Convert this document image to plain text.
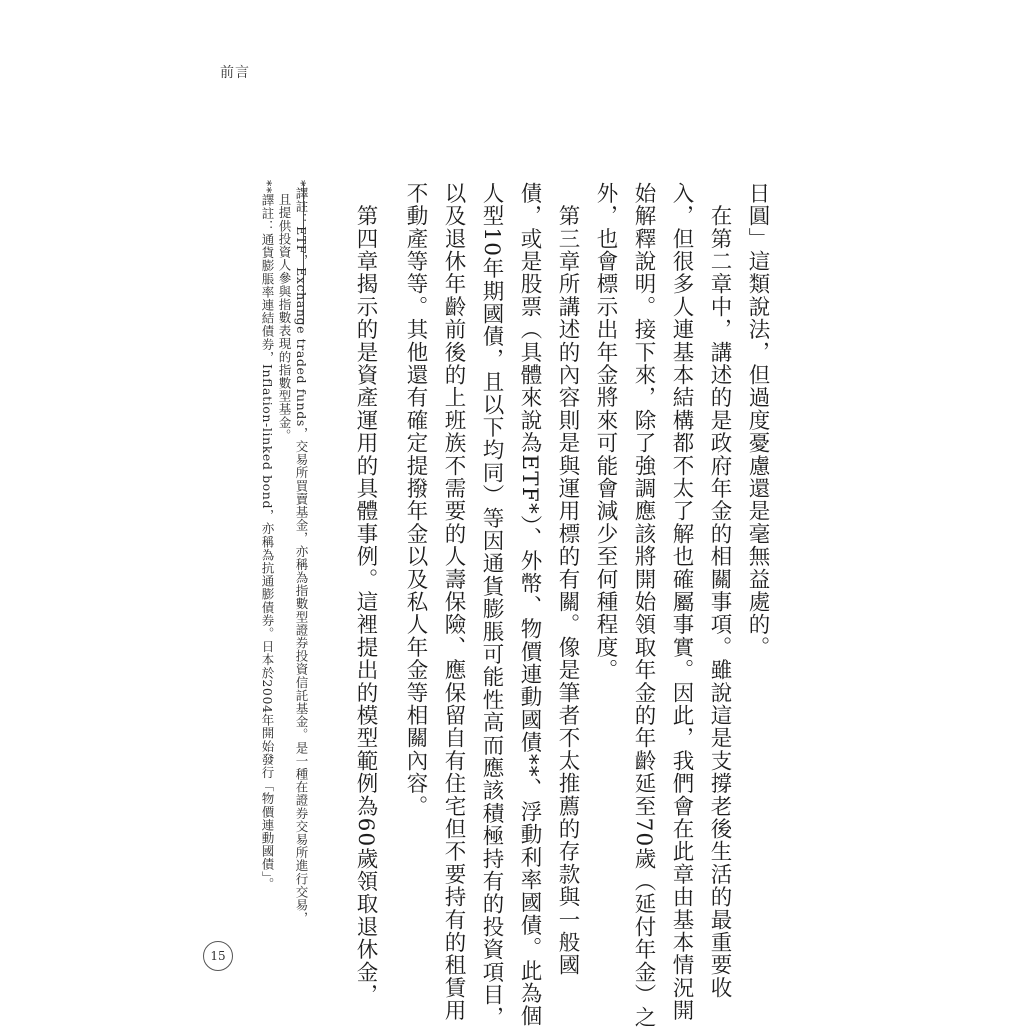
前言
日圓」這類說法，但過度憂慮還是毫無益處的。
　在第二章中，講述的是政府年金的相關事項。雖說這是支撐老後生活的最重要收
入，但很多人連基本結構都不太了解也確屬事實。因此，我們會在此章由基本情況開
始解釋說明。接下來，除了強調應該將開始領取年金的年齡延至70歲（延付年金）之
外，也會標示出年金將來可能會減少至何種程度。
　第三章所講述的內容則是與運用標的有關。像是筆者不太推薦的存款與一般國
債，或是股票（具體來說為ETF*）、外幣、物價連動國債**、浮動利率國債。此為個
人型10年期國債，且以下均同）等因通貨膨脹可能性高而應該積極持有的投資項目，
以及退休年齡前後的上班族不需要的人壽保險、應保留自有住宅但不要持有的租賃用
不動產等等。其他還有確定提撥年金以及私人年金等相關內容。
　第四章揭示的是資產運用的具體事例。這裡提出的模型範例為60歲領取退休金，
*譯註：ETF，Exchange traded funds，交易所買賣基金，亦稱為指數型證券投資信託基金。是一種在證券交易所進行交易，
　且提供投資人參與指數表現的指數型基金。
**譯註：通貨膨脹率連結債券，Inflation-linked bond，亦稱為抗通膨債券。日本於2004年開始發行「物價連動國債」。
15
